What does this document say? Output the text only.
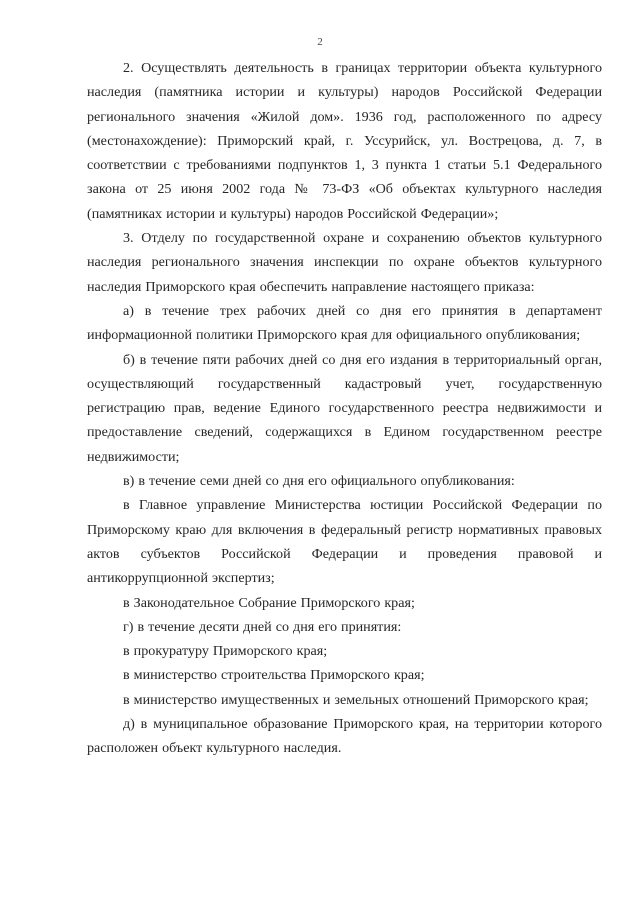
2

2. Осуществлять деятельность в границах территории объекта культурного наследия (памятника истории и культуры) народов Российской Федерации регионального значения «Жилой дом». 1936 год, расположенного по адресу (местонахождение): Приморский край, г. Уссурийск, ул. Вострецова, д. 7, в соответствии с требованиями подпунктов 1, 3 пункта 1 статьи 5.1 Федерального закона от 25 июня 2002 года № 73-ФЗ «Об объектах культурного наследия (памятниках истории и культуры) народов Российской Федерации»;

3. Отделу по государственной охране и сохранению объектов культурного наследия регионального значения инспекции по охране объектов культурного наследия Приморского края обеспечить направление настоящего приказа:

а) в течение трех рабочих дней со дня его принятия в департамент информационной политики Приморского края для официального опубликования;

б) в течение пяти рабочих дней со дня его издания в территориальный орган, осуществляющий государственный кадастровый учет, государственную регистрацию прав, ведение Единого государственного реестра недвижимости и предоставление сведений, содержащихся в Едином государственном реестре недвижимости;

в) в течение семи дней со дня его официального опубликования:

в Главное управление Министерства юстиции Российской Федерации по Приморскому краю для включения в федеральный регистр нормативных правовых актов субъектов Российской Федерации и проведения правовой и антикоррупционной экспертиз;

в Законодательное Собрание Приморского края;

г) в течение десяти дней со дня его принятия:

в прокуратуру Приморского края;

в министерство строительства Приморского края;

в министерство имущественных и земельных отношений Приморского края;

д) в муниципальное образование Приморского края, на территории которого расположен объект культурного наследия.
